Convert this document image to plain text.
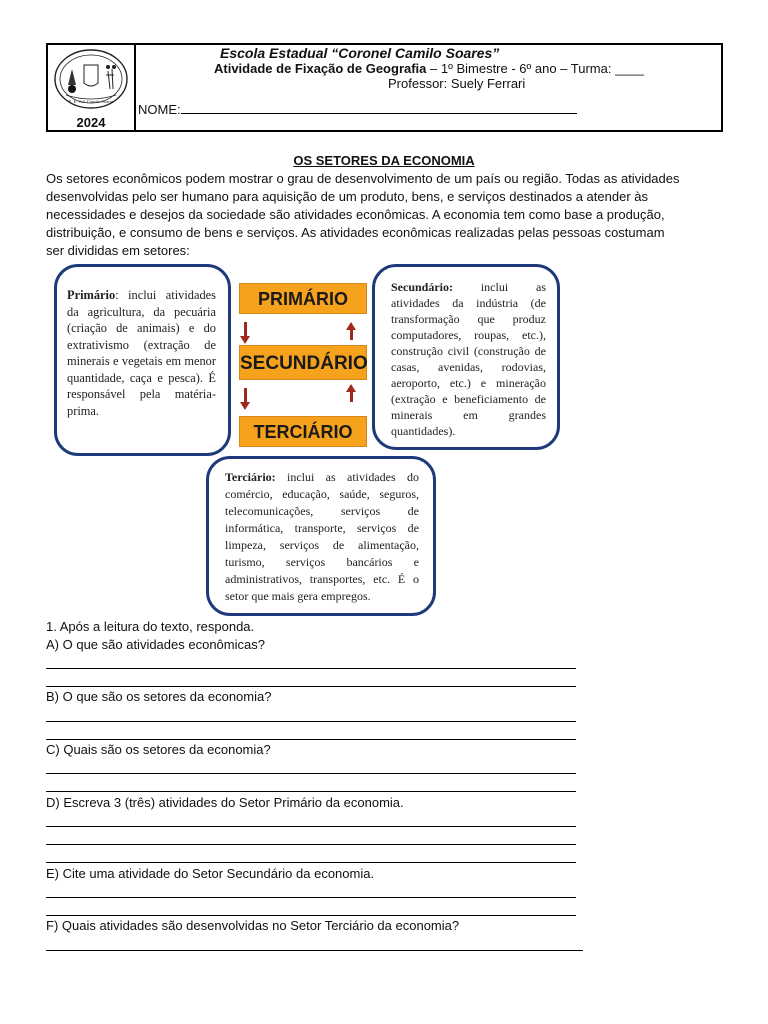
E. E. Cel. Camilo Soares
2024
Escola Estadual “Coronel Camilo Soares”
Atividade de Fixação de Geografia – 1º Bimestre - 6º ano – Turma: ____
Professor: Suely Ferrari
NOME:
OS SETORES DA ECONOMIA

Os setores econômicos podem mostrar o grau de desenvolvimento de um país ou região. Todas as atividades desenvolvidas pelo ser humano para aquisição de um produto, bens, e serviços destinados a atender às necessidades e desejos da sociedade são atividades econômicas. A economia tem como base a produção, distribuição, e consumo de bens e serviços. As atividades econômicas realizadas pelas pessoas costumam ser divididas em setores:

Primário: inclui atividades da agricultura, da pecuária (criação de animais) e do extrativismo (extração de minerais e vegetais em menor quantidade, caça e pesca). É responsável pela matéria-prima.
PRIMÁRIO
SECUNDÁRIO
TERCIÁRIO
Secundário: inclui as atividades da indústria (de transformação que produz computadores, roupas, etc.), construção civil (construção de casas, avenidas, rodovias, aeroporto, etc.) e mineração (extração e beneficiamento de minerais em grandes quantidades).
Terciário: inclui as atividades do comércio, educação, saúde, seguros, telecomunicações, serviços de informática, transporte, serviços de limpeza, serviços de alimentação, turismo, serviços bancários e administrativos, transportes, etc. É o setor que mais gera empregos.
1. Após a leitura do texto, responda.
A) O que são atividades econômicas?
B) O que são os setores da economia?
C) Quais são os setores da economia?
D) Escreva 3 (três) atividades do Setor Primário da economia.
E) Cite uma atividade do Setor Secundário da economia.
F) Quais atividades são desenvolvidas no Setor Terciário da economia?
